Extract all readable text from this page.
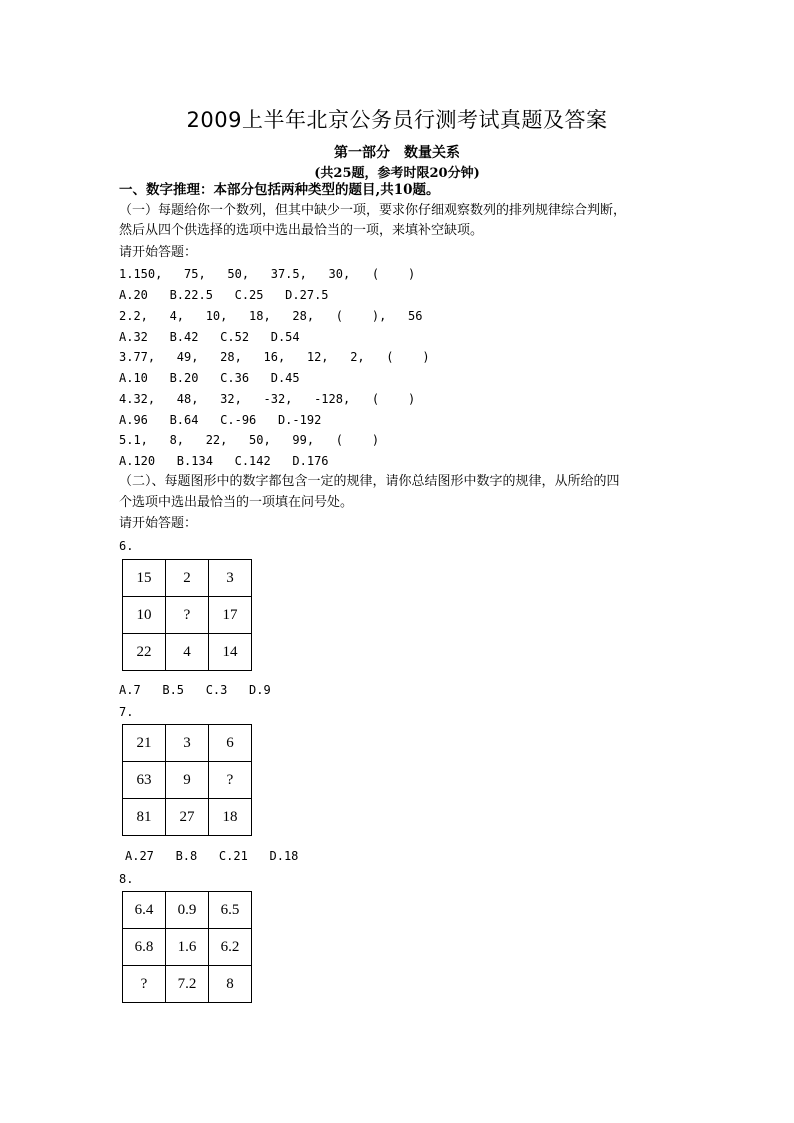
2009上半年北京公务员行测考试真题及答案
第一部分　数量关系
(共25题，参考时限20分钟)
一、数字推理：本部分包括两种类型的题目,共10题。
（一）每题给你一个数列，但其中缺少一项，要求你仔细观察数列的排列规律综合判断，
然后从四个供选择的选项中选出最恰当的一项，来填补空缺项。
请开始答题：
1.150,   75,   50,   37.5,   30,   (    )
A.20   B.22.5   C.25   D.27.5
2.2,   4,   10,   18,   28,   (    ),   56
A.32   B.42   C.52   D.54
3.77,   49,   28,   16,   12,   2,   (    )
A.10   B.20   C.36   D.45
4.32,   48,   32,   -32,   -128,   (    )
A.96   B.64   C.-96   D.-192
5.1,   8,   22,   50,   99,   (    )
A.120   B.134   C.142   D.176
（二）、每题图形中的数字都包含一定的规律，请你总结图形中数字的规律，从所给的四
个选项中选出最恰当的一项填在问号处。
请开始答题：
6.
15	2	3
10	?	17
22	4	14
A.7   B.5   C.3   D.9
7.
21	3	6
63	9	?
81	27	18
A.27   B.8   C.21   D.18
8.
6.4	0.9	6.5
6.8	1.6	6.2
?	7.2	8
